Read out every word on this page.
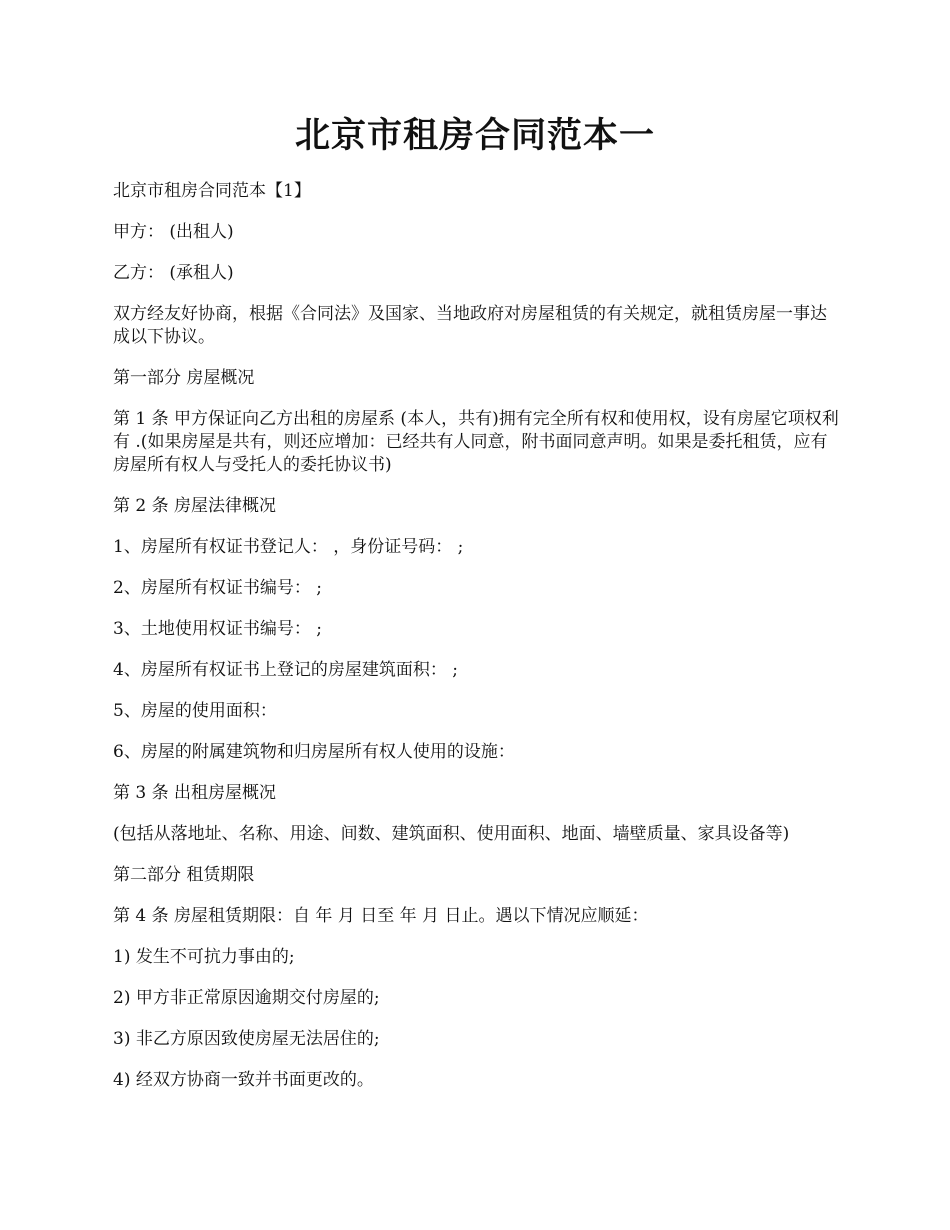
北京市租房合同范本一

北京市租房合同范本【1】

甲方： (出租人)

乙方： (承租人)

双方经友好协商，根据《合同法》及国家、当地政府对房屋租赁的有关规定，就租赁房屋一事达成以下协议。

第一部分 房屋概况

第 1 条 甲方保证向乙方出租的房屋系 (本人，共有)拥有完全所有权和使用权，设有房屋它项权利有 .(如果房屋是共有，则还应增加：已经共有人同意，附书面同意声明。如果是委托租赁，应有房屋所有权人与受托人的委托协议书)

第 2 条 房屋法律概况

1、房屋所有权证书登记人： ，身份证号码： ;

2、房屋所有权证书编号： ;

3、土地使用权证书编号： ;

4、房屋所有权证书上登记的房屋建筑面积： ;

5、房屋的使用面积：

6、房屋的附属建筑物和归房屋所有权人使用的设施：

第 3 条 出租房屋概况

(包括从落地址、名称、用途、间数、建筑面积、使用面积、地面、墙壁质量、家具设备等)

第二部分 租赁期限

第 4 条 房屋租赁期限：自 年 月 日至 年 月 日止。遇以下情况应顺延：

1) 发生不可抗力事由的;

2) 甲方非正常原因逾期交付房屋的;

3) 非乙方原因致使房屋无法居住的;

4) 经双方协商一致并书面更改的。
